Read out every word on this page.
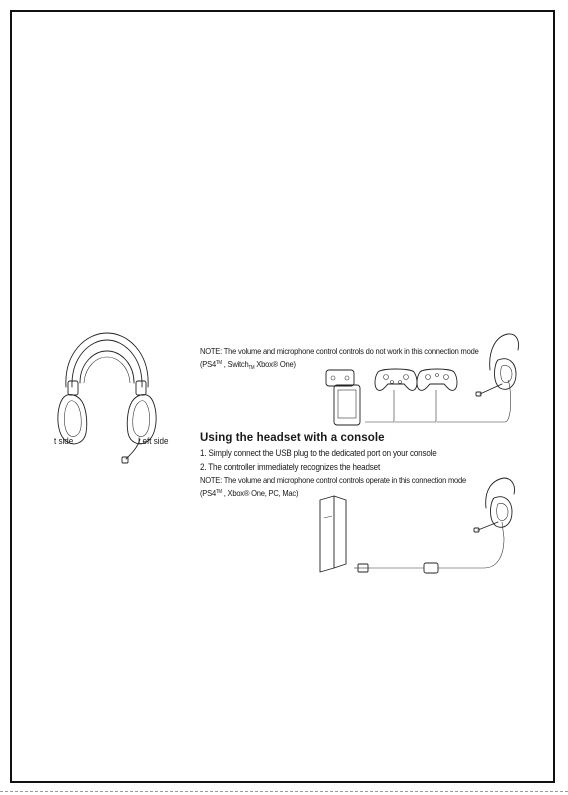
t side	Left side
NOTE: The volume and microphone control controls do not work in this connection mode
(PS4™ , Switch$_{TM}$ Xbox® One)
Using the headset with a console
1. Simply connect the USB plug to the dedicated port on your console
2. The controller immediately recognizes the headset
NOTE: The volume and microphone control controls operate in this connection mode
(PS4™ , Xbox® One, PC, Mac)
